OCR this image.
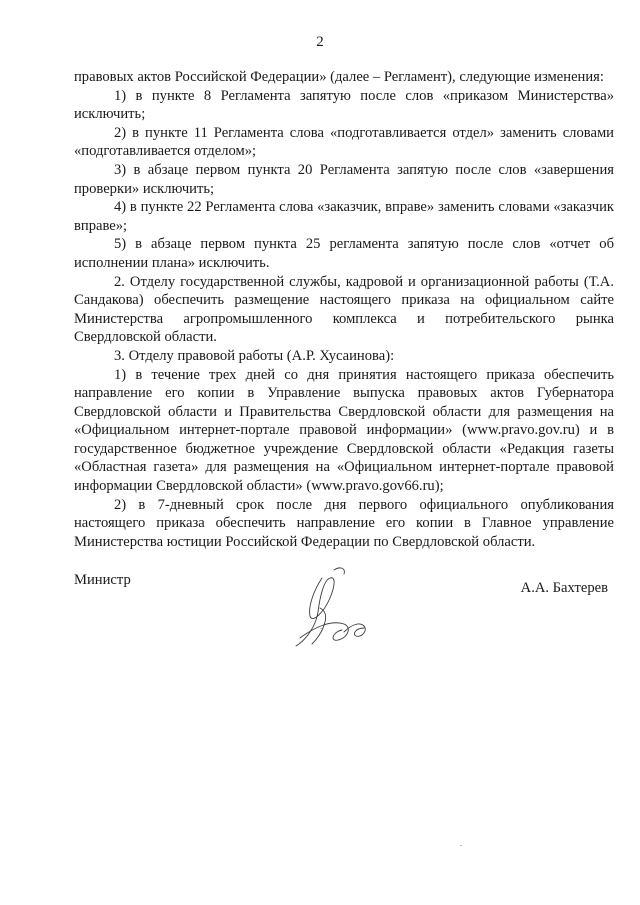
2

правовых актов Российской Федерации» (далее – Регламент), следующие изменения:

1) в пункте 8 Регламента запятую после слов «приказом Министерства» исключить;

2) в пункте 11 Регламента слова «подготавливается отдел» заменить словами «подготавливается отделом»;

3) в абзаце первом пункта 20 Регламента запятую после слов «завершения проверки» исключить;

4) в пункте 22 Регламента слова «заказчик, вправе» заменить словами «заказчик вправе»;

5) в абзаце первом пункта 25 регламента запятую после слов «отчет об исполнении плана» исключить.

2. Отделу государственной службы, кадровой и организационной работы (Т.А. Сандакова) обеспечить размещение настоящего приказа на официальном сайте Министерства агропромышленного комплекса и потребительского рынка Свердловской области.

3. Отделу правовой работы (А.Р. Хусаинова):

1) в течение трех дней со дня принятия настоящего приказа обеспечить направление его копии в Управление выпуска правовых актов Губернатора Свердловской области и Правительства Свердловской области для размещения на «Официальном интернет-портале правовой информации» (www.pravo.gov.ru) и в государственное бюджетное учреждение Свердловской области «Редакция газеты «Областная газета» для размещения на «Официальном интернет-портале правовой информации Свердловской области» (www.pravo.gov66.ru);

2) в 7-дневный срок после дня первого официального опубликования настоящего приказа обеспечить направление его копии в Главное управление Министерства юстиции Российской Федерации по Свердловской области.

Министр	А.А. Бахтерев
